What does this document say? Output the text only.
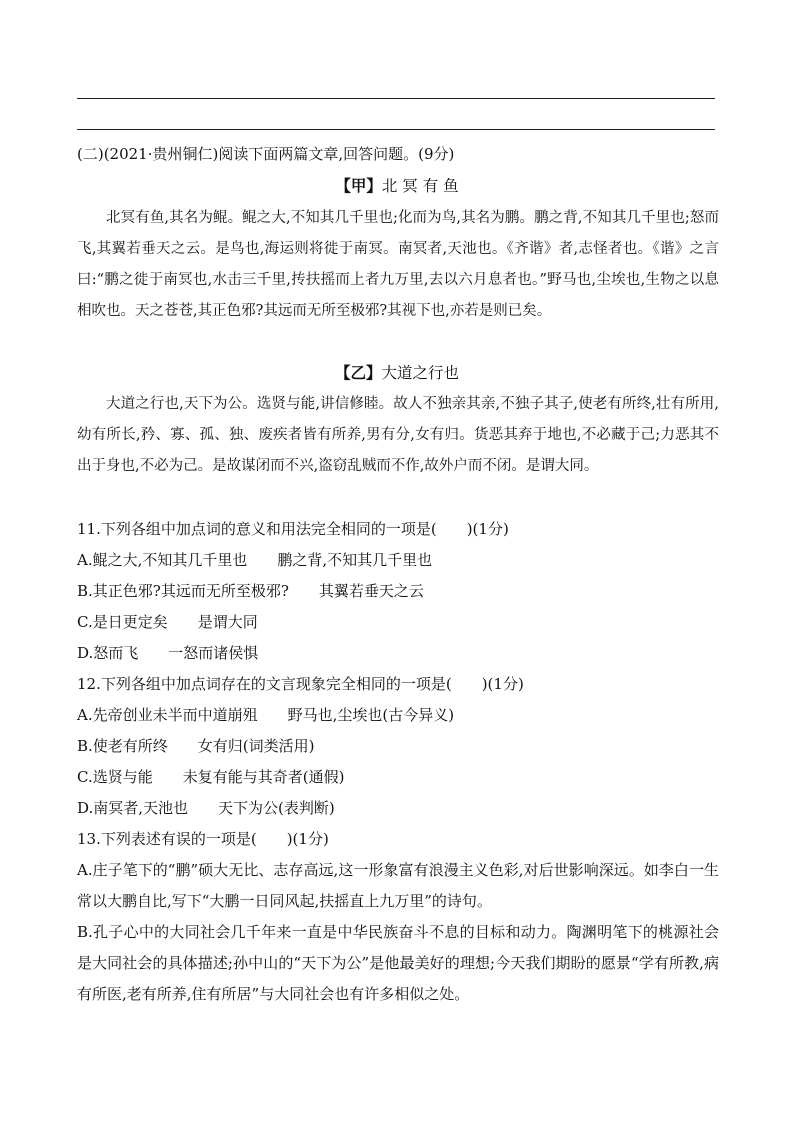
(二)(2021·贵州铜仁)阅读下面两篇文章,回答问题。(9分)
【甲】北 冥 有 鱼
北冥有鱼,其名为鲲。鲲之大,不知其几千里也;化而为鸟,其名为鹏。鹏之背,不知其几千里也;怒而飞,其翼若垂天之云。是鸟也,海运则将徙于南冥。南冥者,天池也。《齐谐》者,志怪者也。《谐》之言曰:“鹏之徙于南冥也,水击三千里,抟扶摇而上者九万里,去以六月息者也。”野马也,尘埃也,生物之以息相吹也。天之苍苍,其正色邪?其远而无所至极邪?其视下也,亦若是则已矣。
【乙】大道之行也
大道之行也,天下为公。选贤与能,讲信修睦。故人不独亲其亲,不独子其子,使老有所终,壮有所用,幼有所长,矜、寡、孤、独、废疾者皆有所养,男有分,女有归。货恶其弃于地也,不必藏于己;力恶其不出于身也,不必为己。是故谋闭而不兴,盗窃乱贼而不作,故外户而不闭。是谓大同。
11.下列各组中加点词的意义和用法完全相同的一项是(　　)(1分)
A.鲲之大,不知其几千里也 鹏之背,不知其几千里也
B.其正色邪?其远而无所至极邪? 其翼若垂天之云
C.是日更定矣 是谓大同
D.怒而飞 一怒而诸侯惧
12.下列各组中加点词存在的文言现象完全相同的一项是(　　)(1分)
A.先帝创业未半而中道崩殂 野马也,尘埃也(古今异义)
B.使老有所终 女有归(词类活用)
C.选贤与能 未复有能与其奇者(通假)
D.南冥者,天池也 天下为公(表判断)
13.下列表述有误的一项是(　　)(1分)
A.庄子笔下的“鹏”硕大无比、志存高远,这一形象富有浪漫主义色彩,对后世影响深远。如李白一生常以大鹏自比,写下“大鹏一日同风起,扶摇直上九万里”的诗句。
B.孔子心中的大同社会几千年来一直是中华民族奋斗不息的目标和动力。陶渊明笔下的桃源社会是大同社会的具体描述;孙中山的“天下为公”是他最美好的理想;今天我们期盼的愿景“学有所教,病有所医,老有所养,住有所居”与大同社会也有许多相似之处。
